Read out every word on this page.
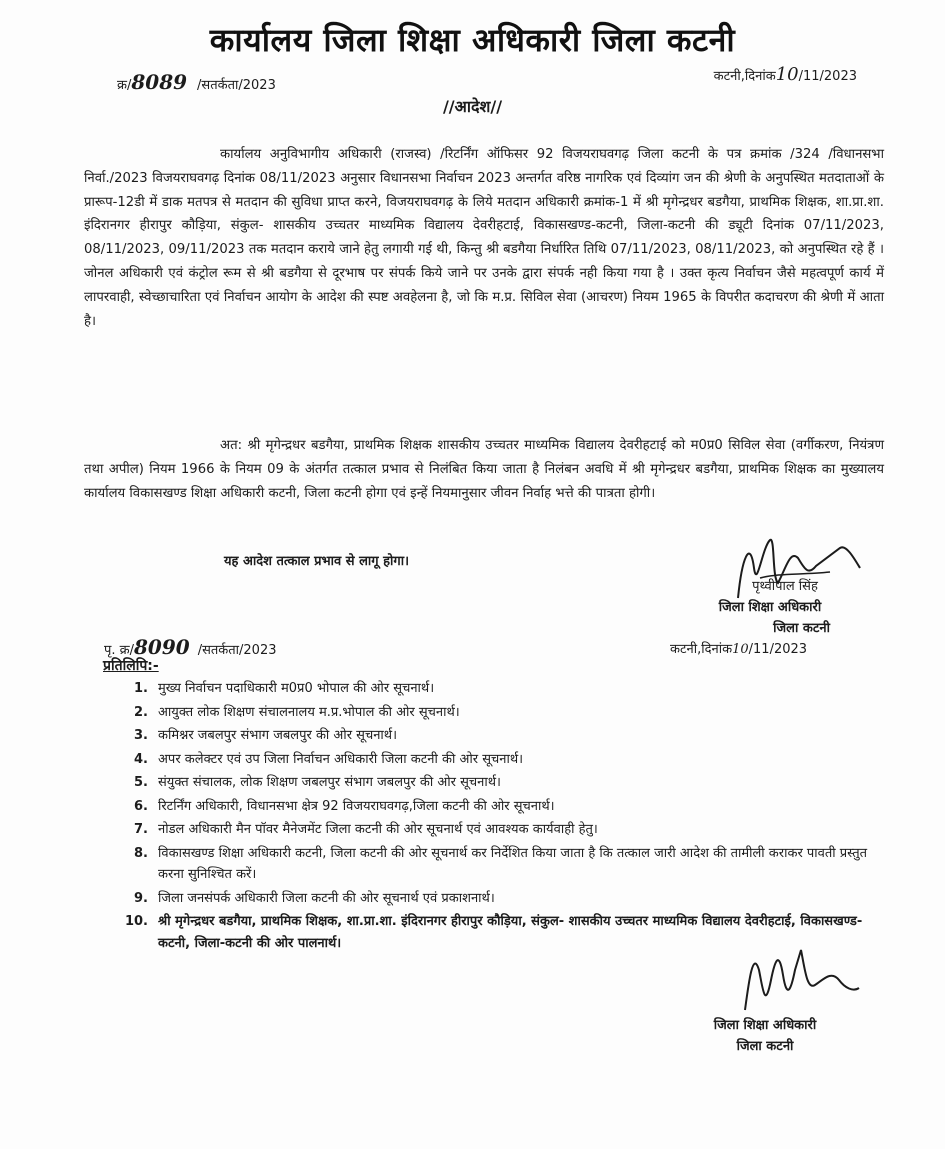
कार्यालय जिला शिक्षा अधिकारी जिला कटनी
क्र/8089 /सतर्कता/2023
कटनी,दिनांक10/11/2023
//आदेश//
कार्यालय अनुविभागीय अधिकारी (राजस्व) /रिटर्निंग ऑफिसर 92 विजयराघवगढ़ जिला कटनी के पत्र क्रमांक /324 /विधानसभा निर्वा./2023 विजयराघवगढ़ दिनांक 08/11/2023 अनुसार विधानसभा निर्वाचन 2023 अन्तर्गत वरिष्ठ नागरिक एवं दिव्यांग जन की श्रेणी के अनुपस्थित मतदाताओं के प्रारूप-12डी में डाक मतपत्र से मतदान की सुविधा प्राप्त करने, विजयराघवगढ़ के लिये मतदान अधिकारी क्रमांक-1 में श्री मृगेन्द्रधर बडगैया, प्राथमिक शिक्षक, शा.प्रा.शा. इंदिरानगर हीरापुर कौड़िया, संकुल- शासकीय उच्चतर माध्यमिक विद्यालय देवरीहटाई, विकासखण्ड-कटनी, जिला-कटनी की ड्यूटी दिनांक 07/11/2023, 08/11/2023, 09/11/2023 तक मतदान कराये जाने हेतु लगायी गई थी, किन्तु श्री बडगैया निर्धारित तिथि 07/11/2023, 08/11/2023, को अनुपस्थित रहे हैं । जोनल अधिकारी एवं कंट्रोल रूम से श्री बडगैया से दूरभाष पर संपर्क किये जाने पर उनके द्वारा संपर्क नही किया गया है । उक्त कृत्य निर्वाचन जैसे महत्वपूर्ण कार्य में लापरवाही, स्वेच्छाचारिता एवं निर्वाचन आयोग के आदेश की स्पष्ट अवहेलना है, जो कि म.प्र. सिविल सेवा (आचरण) नियम 1965 के विपरीत कदाचरण की श्रेणी में आता है।
अत: श्री मृगेन्द्रधर बडगैया, प्राथमिक शिक्षक शासकीय उच्चतर माध्यमिक विद्यालय देवरीहटाई को म0प्र0 सिविल सेवा (वर्गीकरण, नियंत्रण तथा अपील) नियम 1966 के नियम 09 के अंतर्गत तत्काल प्रभाव से निलंबित किया जाता है निलंबन अवधि में श्री मृगेन्द्रधर बडगैया, प्राथमिक शिक्षक का मुख्यालय कार्यालय विकासखण्ड शिक्षा अधिकारी कटनी, जिला कटनी होगा एवं इन्हें नियमानुसार जीवन निर्वाह भत्ते की पात्रता होगी।
यह आदेश तत्काल प्रभाव से लागू होगा।
पृथ्वीपाल सिंह
जिला शिक्षा अधिकारी
जिला कटनी
कटनी,दिनांक10/11/2023
पृ. क्र/8090 /सतर्कता/2023
प्रतिलिपि:-
1. मुख्य निर्वाचन पदाधिकारी म0प्र0 भोपाल की ओर सूचनार्थ।
2. आयुक्त लोक शिक्षण संचालनालय म.प्र.भोपाल की ओर सूचनार्थ।
3. कमिश्नर जबलपुर संभाग जबलपुर की ओर सूचनार्थ।
4. अपर कलेक्टर एवं उप जिला निर्वाचन अधिकारी जिला कटनी की ओर सूचनार्थ।
5. संयुक्त संचालक, लोक शिक्षण जबलपुर संभाग जबलपुर की ओर सूचनार्थ।
6. रिटर्निंग अधिकारी, विधानसभा क्षेत्र 92 विजयराघवगढ़,जिला कटनी की ओर सूचनार्थ।
7. नोडल अधिकारी मैन पॉवर मैनेजमेंट जिला कटनी की ओर सूचनार्थ एवं आवश्यक कार्यवाही हेतु।
8. विकासखण्ड शिक्षा अधिकारी कटनी, जिला कटनी की ओर सूचनार्थ कर निर्देशित किया जाता है कि तत्काल जारी आदेश की तामीली कराकर पावती प्रस्तुत करना सुनिश्चित करें।
9. जिला जनसंपर्क अधिकारी जिला कटनी की ओर सूचनार्थ एवं प्रकाशनार्थ।
10. श्री मृगेन्द्रधर बडगैया, प्राथमिक शिक्षक, शा.प्रा.शा. इंदिरानगर हीरापुर कौड़िया, संकुल- शासकीय उच्चतर माध्यमिक विद्यालय देवरीहटाई, विकासखण्ड-कटनी, जिला-कटनी की ओर पालनार्थ।
जिला शिक्षा अधिकारी
जिला कटनी
